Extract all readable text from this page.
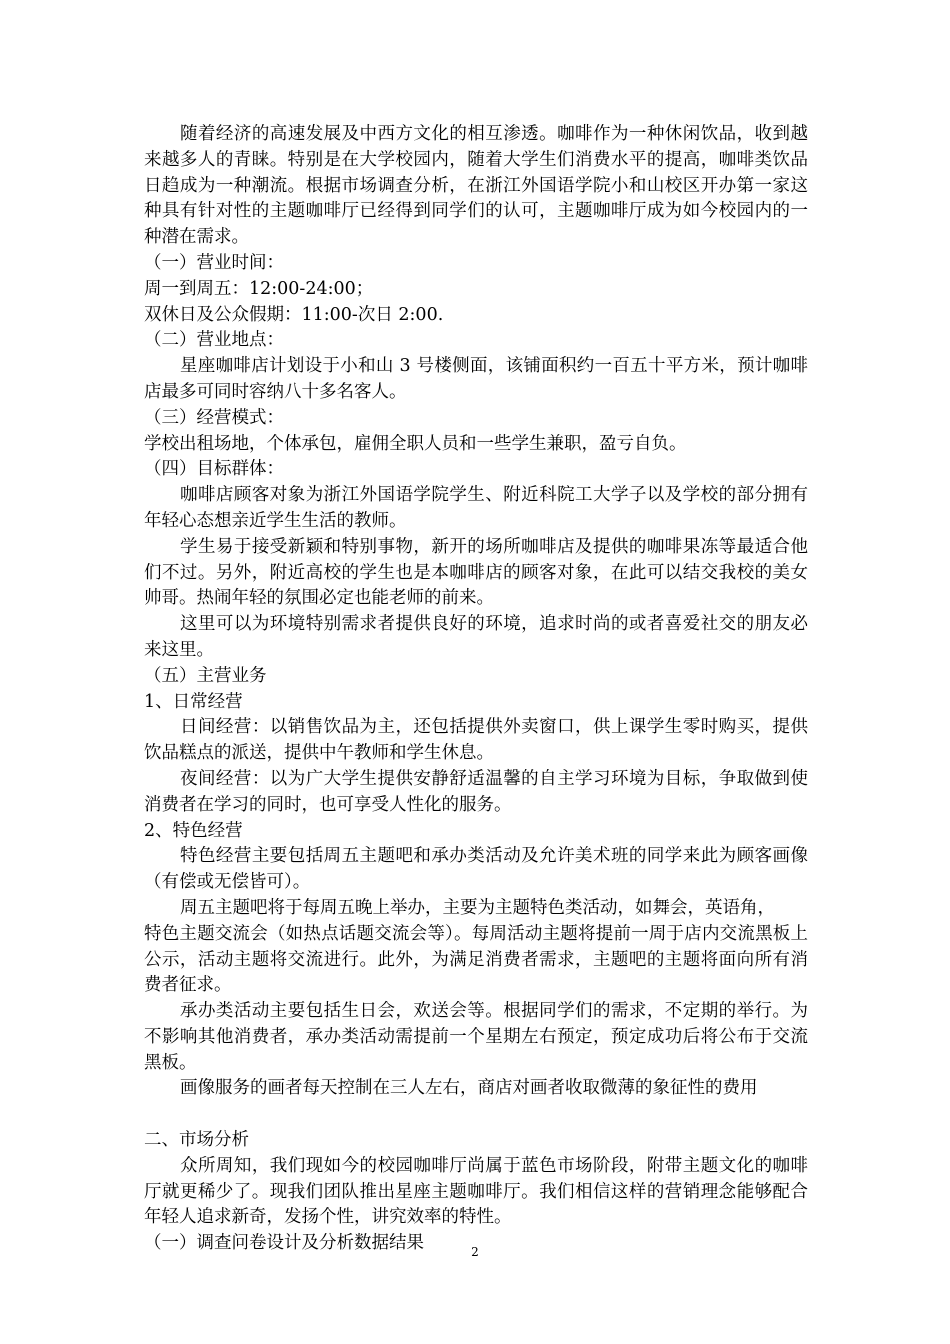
随着经济的高速发展及中西方文化的相互渗透。咖啡作为一种休闲饮品，收到越来越多人的青睐。特别是在大学校园内，随着大学生们消费水平的提高，咖啡类饮品日趋成为一种潮流。根据市场调查分析，在浙江外国语学院小和山校区开办第一家这种具有针对性的主题咖啡厅已经得到同学们的认可，主题咖啡厅成为如今校园内的一种潜在需求。

（一）营业时间：

周一到周五：12:00-24:00；

双休日及公众假期：11:00-次日 2:00.

（二）营业地点：

星座咖啡店计划设于小和山 3 号楼侧面，该铺面积约一百五十平方米，预计咖啡店最多可同时容纳八十多名客人。

（三）经营模式：

学校出租场地，个体承包，雇佣全职人员和一些学生兼职，盈亏自负。

（四）目标群体：

咖啡店顾客对象为浙江外国语学院学生、附近科院工大学子以及学校的部分拥有年轻心态想亲近学生生活的教师。

学生易于接受新颖和特别事物，新开的场所咖啡店及提供的咖啡果冻等最适合他们不过。另外，附近高校的学生也是本咖啡店的顾客对象，在此可以结交我校的美女帅哥。热闹年轻的氛围必定也能老师的前来。

这里可以为环境特别需求者提供良好的环境，追求时尚的或者喜爱社交的朋友必来这里。

（五）主营业务

1、日常经营

日间经营：以销售饮品为主，还包括提供外卖窗口，供上课学生零时购买，提供饮品糕点的派送，提供中午教师和学生休息。

夜间经营：以为广大学生提供安静舒适温馨的自主学习环境为目标，争取做到使消费者在学习的同时，也可享受人性化的服务。

2、特色经营

特色经营主要包括周五主题吧和承办类活动及允许美术班的同学来此为顾客画像（有偿或无偿皆可）。

周五主题吧将于每周五晚上举办，主要为主题特色类活动，如舞会，英语角，

特色主题交流会（如热点话题交流会等）。每周活动主题将提前一周于店内交流黑板上公示，活动主题将交流进行。此外，为满足消费者需求，主题吧的主题将面向所有消费者征求。

承办类活动主要包括生日会，欢送会等。根据同学们的需求，不定期的举行。为不影响其他消费者，承办类活动需提前一个星期左右预定，预定成功后将公布于交流黑板。

画像服务的画者每天控制在三人左右，商店对画者收取微薄的象征性的费用

二、市场分析

众所周知，我们现如今的校园咖啡厅尚属于蓝色市场阶段，附带主题文化的咖啡厅就更稀少了。现我们团队推出星座主题咖啡厅。我们相信这样的营销理念能够配合年轻人追求新奇，发扬个性，讲究效率的特性。

（一）调查问卷设计及分析数据结果	2
